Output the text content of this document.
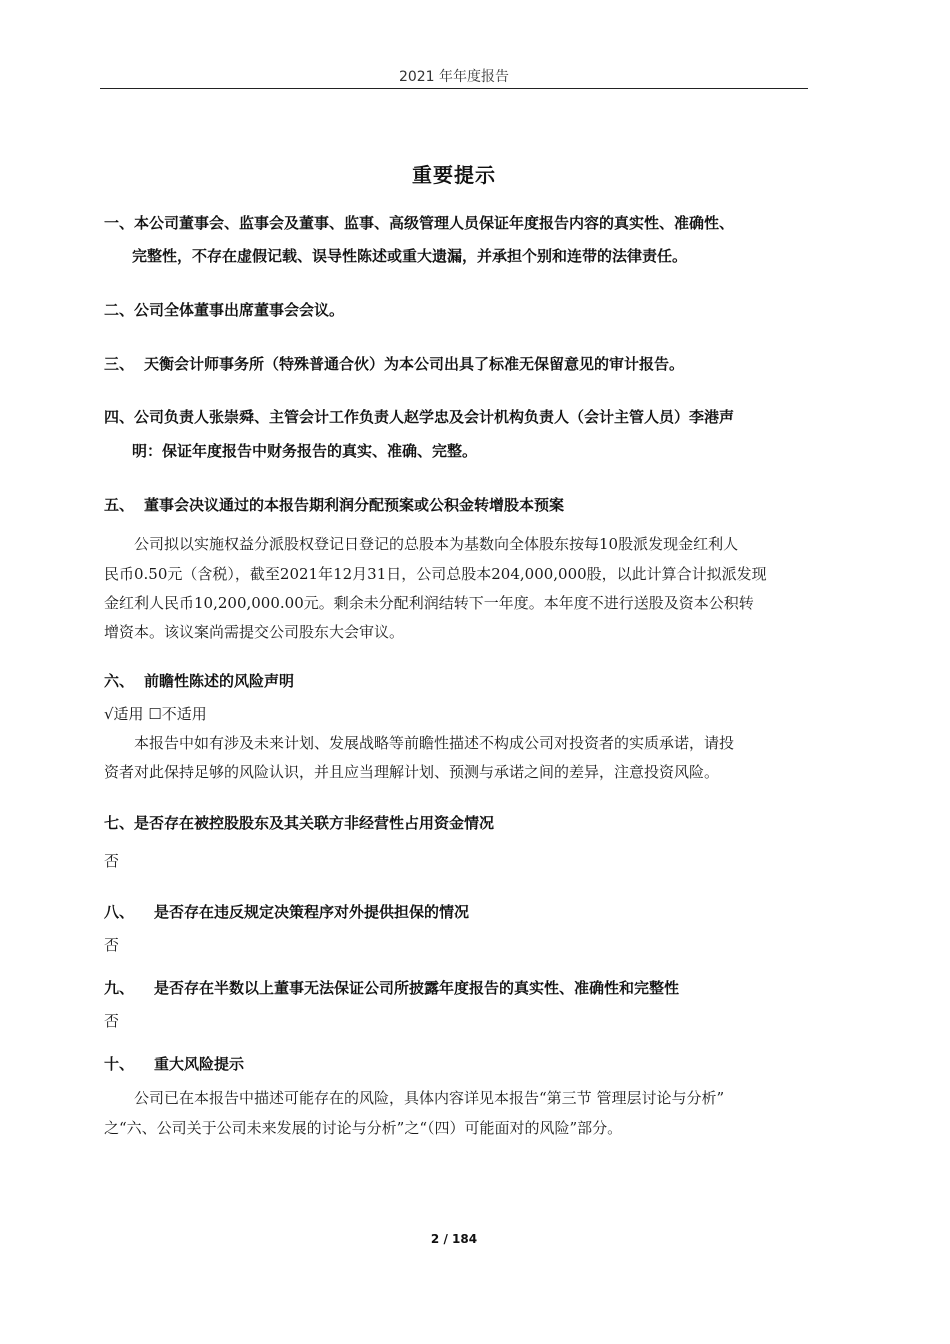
2021 年年度报告
重要提示
一、本公司董事会、监事会及董事、监事、高级管理人员保证年度报告内容的真实性、准确性、
完整性，不存在虚假记载、误导性陈述或重大遗漏，并承担个别和连带的法律责任。
二、公司全体董事出席董事会会议。
三、 天衡会计师事务所（特殊普通合伙）为本公司出具了标准无保留意见的审计报告。
四、公司负责人张崇舜、主管会计工作负责人赵学忠及会计机构负责人（会计主管人员）李港声
明：保证年度报告中财务报告的真实、准确、完整。
五、 董事会决议通过的本报告期利润分配预案或公积金转增股本预案
公司拟以实施权益分派股权登记日登记的总股本为基数向全体股东按每10股派发现金红利人
民币0.50元（含税），截至2021年12月31日，公司总股本204,000,000股，以此计算合计拟派发现
金红利人民币10,200,000.00元。剩余未分配利润结转下一年度。本年度不进行送股及资本公积转
增资本。该议案尚需提交公司股东大会审议。
六、 前瞻性陈述的风险声明
√适用 ☐不适用
本报告中如有涉及未来计划、发展战略等前瞻性描述不构成公司对投资者的实质承诺，请投
资者对此保持足够的风险认识，并且应当理解计划、预测与承诺之间的差异，注意投资风险。
七、是否存在被控股股东及其关联方非经营性占用资金情况
否
八、 是否存在违反规定决策程序对外提供担保的情况
否
九、 是否存在半数以上董事无法保证公司所披露年度报告的真实性、准确性和完整性
否
十、 重大风险提示
公司已在本报告中描述可能存在的风险，具体内容详见本报告“第三节 管理层讨论与分析”
之“六、公司关于公司未来发展的讨论与分析”之“（四）可能面对的风险”部分。
2 / 184
